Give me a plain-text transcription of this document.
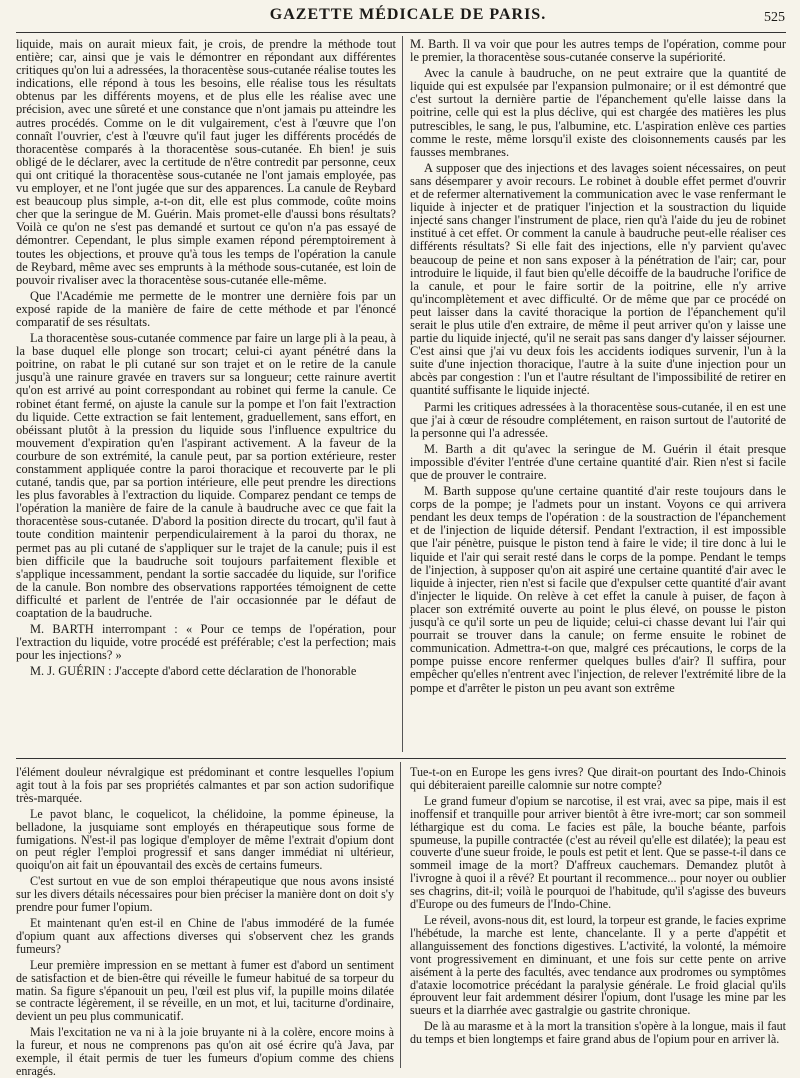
GAZETTE MÉDICALE DE PARIS.	525

liquide, mais on aurait mieux fait, je crois, de prendre la méthode tout entière; car, ainsi que je vais le démontrer en répondant aux différentes critiques qu'on lui a adressées, la thoracentèse sous-cutanée réalise toutes les indications, elle répond à tous les besoins, elle réalise tous les résultats obtenus par les différents moyens, et de plus elle les réalise avec une précision, avec une sûreté et une constance que n'ont jamais pu atteindre les autres procédés. Comme on le dit vulgairement, c'est à l'œuvre que l'on connaît l'ouvrier, c'est à l'œuvre qu'il faut juger les différents procédés de thoracentèse comparés à la thoracentèse sous-cutanée. Eh bien! je suis obligé de le déclarer, avec la certitude de n'être contredit par personne, ceux qui ont critiqué la thoracentèse sous-cutanée ne l'ont jamais employée, pas vu employer, et ne l'ont jugée que sur des apparences. La canule de Reybard est beaucoup plus simple, a-t-on dit, elle est plus commode, coûte moins cher que la seringue de M. Guérin. Mais promet-elle d'aussi bons résultats? Voilà ce qu'on ne s'est pas demandé et surtout ce qu'on n'a pas essayé de démontrer. Cependant, le plus simple examen répond péremptoirement à toutes les objections, et prouve qu'à tous les temps de l'opération la canule de Reybard, même avec ses emprunts à la méthode sous-cutanée, est loin de pouvoir rivaliser avec la thoracentèse sous-cutanée elle-même.

Que l'Académie me permette de le montrer une dernière fois par un exposé rapide de la manière de faire de cette méthode et par l'énoncé comparatif de ses résultats.

La thoracentèse sous-cutanée commence par faire un large pli à la peau, à la base duquel elle plonge son trocart; celui-ci ayant pénétré dans la poitrine, on rabat le pli cutané sur son trajet et on le retire de la canule jusqu'à une rainure gravée en travers sur sa longueur; cette rainure avertit qu'on est arrivé au point correspondant au robinet qui ferme la canule. Ce robinet étant fermé, on ajuste la canule sur la pompe et l'on fait l'extraction du liquide. Cette extraction se fait lentement, graduellement, sans effort, en obéissant plutôt à la pression du liquide sous l'influence expultrice du mouvement d'expiration qu'en l'aspirant activement. A la faveur de la courbure de son extrémité, la canule peut, par sa portion extérieure, rester constamment appliquée contre la paroi thoracique et recouverte par le pli cutané, tandis que, par sa portion intérieure, elle peut prendre les directions les plus favorables à l'extraction du liquide. Comparez pendant ce temps de l'opération la manière de faire de la canule à baudruche avec ce que fait la thoracentèse sous-cutanée. D'abord la position directe du trocart, qu'il faut à toute condition maintenir perpendiculairement à la paroi du thorax, ne permet pas au pli cutané de s'appliquer sur le trajet de la canule; puis il est bien difficile que la baudruche soit toujours parfaitement flexible et s'applique incessamment, pendant la sortie saccadée du liquide, sur l'orifice de la canule. Bon nombre des observations rapportées témoignent de cette difficulté et parlent de l'entrée de l'air occasionnée par le défaut de coaptation de la baudruche.

M. BARTH interrompant : « Pour ce temps de l'opération, pour l'extraction du liquide, votre procédé est préférable; c'est la perfection; mais pour les injections? »

M. J. GUÉRIN : J'accepte d'abord cette déclaration de l'honorable

M. Barth. Il va voir que pour les autres temps de l'opération, comme pour le premier, la thoracentèse sous-cutanée conserve la supériorité.

Avec la canule à baudruche, on ne peut extraire que la quantité de liquide qui est expulsée par l'expansion pulmonaire; or il est démontré que c'est surtout la dernière partie de l'épanchement qu'elle laisse dans la poitrine, celle qui est la plus déclive, qui est chargée des matières les plus putrescibles, le sang, le pus, l'albumine, etc. L'aspiration enlève ces parties comme le reste, même lorsqu'il existe des cloisonnements causés par les fausses membranes.

A supposer que des injections et des lavages soient nécessaires, on peut sans désemparer y avoir recours. Le robinet à double effet permet d'ouvrir et de refermer alternativement la communication avec le vase renfermant le liquide à injecter et de pratiquer l'injection et la soustraction du liquide injecté sans changer l'instrument de place, rien qu'à l'aide du jeu de robinet institué à cet effet. Or comment la canule à baudruche peut-elle réaliser ces différents résultats? Si elle fait des injections, elle n'y parvient qu'avec beaucoup de peine et non sans exposer à la pénétration de l'air; car, pour introduire le liquide, il faut bien qu'elle décoiffe de la baudruche l'orifice de la canule, et pour le faire sortir de la poitrine, elle n'y arrive qu'incomplètement et avec difficulté. Or de même que par ce procédé on peut laisser dans la cavité thoracique la portion de l'épanchement qu'il serait le plus utile d'en extraire, de même il peut arriver qu'on y laisse une partie du liquide injecté, qu'il ne serait pas sans danger d'y laisser séjourner. C'est ainsi que j'ai vu deux fois les accidents iodiques survenir, l'un à la suite d'une injection thoracique, l'autre à la suite d'une injection pour un abcès par congestion : l'un et l'autre résultant de l'impossibilité de retirer en quantité suffisante le liquide injecté.

Parmi les critiques adressées à la thoracentèse sous-cutanée, il en est une que j'ai à cœur de résoudre complétement, en raison surtout de l'autorité de la personne qui l'a adressée.

M. Barth a dit qu'avec la seringue de M. Guérin il était presque impossible d'éviter l'entrée d'une certaine quantité d'air. Rien n'est si facile que de prouver le contraire.

M. Barth suppose qu'une certaine quantité d'air reste toujours dans le corps de la pompe; je l'admets pour un instant. Voyons ce qui arrivera pendant les deux temps de l'opération : de la soustraction de l'épanchement et de l'injection de liquide détersif. Pendant l'extraction, il est impossible que l'air pénètre, puisque le piston tend à faire le vide; il tire donc à lui le liquide et l'air qui serait resté dans le corps de la pompe. Pendant le temps de l'injection, à supposer qu'on ait aspiré une certaine quantité d'air avec le liquide à injecter, rien n'est si facile que d'expulser cette quantité d'air avant d'injecter le liquide. On relève à cet effet la canule à puiser, de façon à placer son extrémité ouverte au point le plus élevé, on pousse le piston jusqu'à ce qu'il sorte un peu de liquide; celui-ci chasse devant lui l'air qui pourrait se trouver dans la canule; on ferme ensuite le robinet de communication. Admettra-t-on que, malgré ces précautions, le corps de la pompe puisse encore renfermer quelques bulles d'air? Il suffira, pour empêcher qu'elles n'entrent avec l'injection, de relever l'extrémité libre de la pompe et d'arrêter le piston un peu avant son extrême

l'élément douleur névralgique est prédominant et contre lesquelles l'opium agit tout à la fois par ses propriétés calmantes et par son action sudorifique très-marquée.

Le pavot blanc, le coquelicot, la chélidoine, la pomme épineuse, la belladone, la jusquiame sont employés en thérapeutique sous forme de fumigations. N'est-il pas logique d'employer de même l'extrait d'opium dont on peut régler l'emploi progressif et sans danger immédiat ni ultérieur, quoiqu'on ait fait un épouvantail des excès de certains fumeurs.

C'est surtout en vue de son emploi thérapeutique que nous avons insisté sur les divers détails nécessaires pour bien préciser la manière dont on doit s'y prendre pour fumer l'opium.

Et maintenant qu'en est-il en Chine de l'abus immodéré de la fumée d'opium quant aux affections diverses qui s'observent chez les grands fumeurs?

Leur première impression en se mettant à fumer est d'abord un sentiment de satisfaction et de bien-être qui réveille le fumeur habitué de sa torpeur du matin. Sa figure s'épanouit un peu, l'œil est plus vif, la pupille moins dilatée se contracte légèrement, il se réveille, en un mot, et lui, taciturne d'ordinaire, devient un peu plus communicatif.

Mais l'excitation ne va ni à la joie bruyante ni à la colère, encore moins à la fureur, et nous ne comprenons pas qu'on ait osé écrire qu'à Java, par exemple, il était permis de tuer les fumeurs d'opium comme des chiens enragés.

Tue-t-on en Europe les gens ivres? Que dirait-on pourtant des Indo-Chinois qui débiteraient pareille calomnie sur notre compte?

Le grand fumeur d'opium se narcotise, il est vrai, avec sa pipe, mais il est inoffensif et tranquille pour arriver bientôt à être ivre-mort; car son sommeil léthargique est du coma. Le facies est pâle, la bouche béante, parfois spumeuse, la pupille contractée (c'est au réveil qu'elle est dilatée); la peau est couverte d'une sueur froide, le pouls est petit et lent. Que se passe-t-il dans ce sommeil image de la mort? D'affreux cauchemars. Demandez plutôt à l'ivrogne à quoi il a rêvé? Et pourtant il recommence... pour noyer ou oublier ses chagrins, dit-il; voilà le pourquoi de l'habitude, qu'il s'agisse des buveurs d'Europe ou des fumeurs de l'Indo-Chine.

Le réveil, avons-nous dit, est lourd, la torpeur est grande, le facies exprime l'hébétude, la marche est lente, chancelante. Il y a perte d'appétit et allanguissement des fonctions digestives. L'activité, la volonté, la mémoire vont progressivement en diminuant, et une fois sur cette pente on arrive aisément à la perte des facultés, avec tendance aux prodromes ou symptômes d'ataxie locomotrice précédant la paralysie générale. Le froid glacial qu'ils éprouvent leur fait ardemment désirer l'opium, dont l'usage les mine par les sueurs et la diarrhée avec gastralgie ou gastrite chronique.

De là au marasme et à la mort la transition s'opère à la longue, mais il faut du temps et bien longtemps et faire grand abus de l'opium pour en arriver là.
